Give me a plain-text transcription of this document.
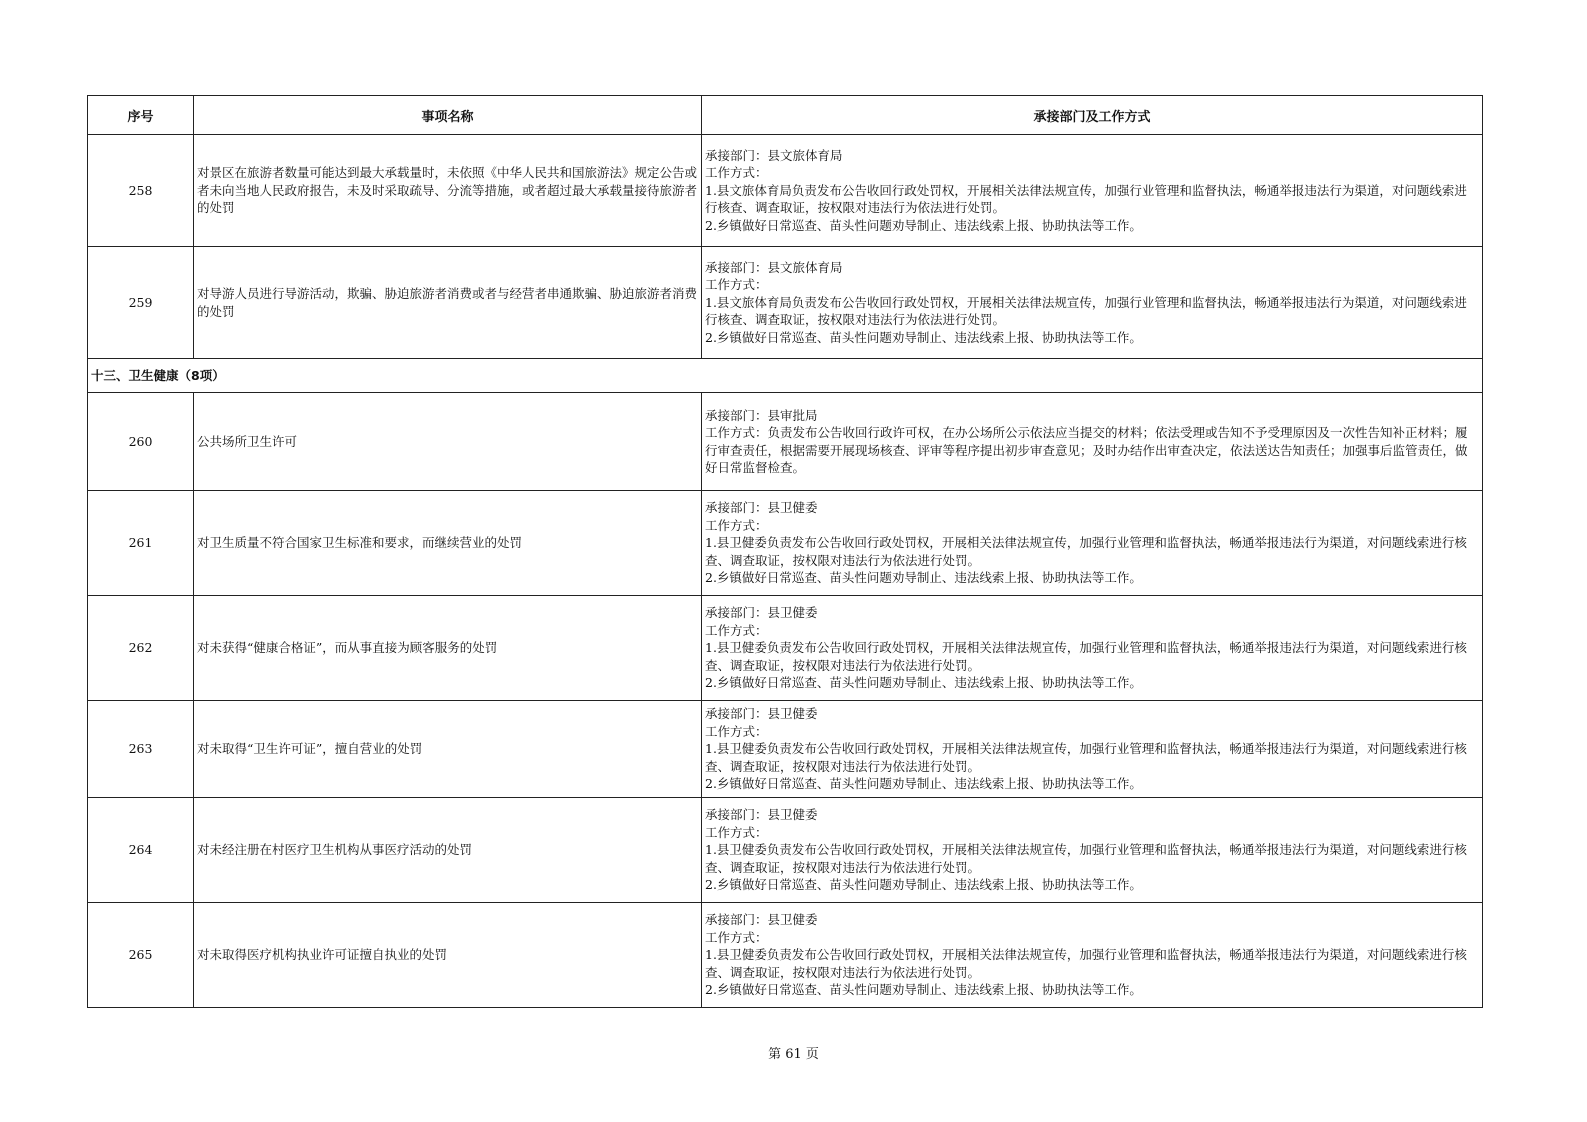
序号	事项名称	承接部门及工作方式
258	对景区在旅游者数量可能达到最大承载量时，未依照《中华人民共和国旅游法》规定公告或者未向当地人民政府报告，未及时采取疏导、分流等措施，或者超过最大承载量接待旅游者的处罚	承接部门：县文旅体育局
工作方式：
1.县文旅体育局负责发布公告收回行政处罚权，开展相关法律法规宣传，加强行业管理和监督执法，畅通举报违法行为渠道，对问题线索进行核查、调查取证，按权限对违法行为依法进行处罚。
2.乡镇做好日常巡查、苗头性问题劝导制止、违法线索上报、协助执法等工作。

259	对导游人员进行导游活动，欺骗、胁迫旅游者消费或者与经营者串通欺骗、胁迫旅游者消费的处罚	承接部门：县文旅体育局
工作方式：
1.县文旅体育局负责发布公告收回行政处罚权，开展相关法律法规宣传，加强行业管理和监督执法，畅通举报违法行为渠道，对问题线索进行核查、调查取证，按权限对违法行为依法进行处罚。
2.乡镇做好日常巡查、苗头性问题劝导制止、违法线索上报、协助执法等工作。

十三、卫生健康（8项）		
260	公共场所卫生许可	承接部门：县审批局
工作方式：负责发布公告收回行政许可权，在办公场所公示依法应当提交的材料；依法受理或告知不予受理原因及一次性告知补正材料；履行审查责任，根据需要开展现场核查、评审等程序提出初步审查意见；及时办结作出审查决定，依法送达告知责任；加强事后监管责任，做好日常监督检查。

261	对卫生质量不符合国家卫生标准和要求，而继续营业的处罚	承接部门：县卫健委
工作方式：
1.县卫健委负责发布公告收回行政处罚权，开展相关法律法规宣传，加强行业管理和监督执法，畅通举报违法行为渠道，对问题线索进行核查、调查取证，按权限对违法行为依法进行处罚。
2.乡镇做好日常巡查、苗头性问题劝导制止、违法线索上报、协助执法等工作。

262	对未获得“健康合格证”，而从事直接为顾客服务的处罚	承接部门：县卫健委
工作方式：
1.县卫健委负责发布公告收回行政处罚权，开展相关法律法规宣传，加强行业管理和监督执法，畅通举报违法行为渠道，对问题线索进行核查、调查取证，按权限对违法行为依法进行处罚。
2.乡镇做好日常巡查、苗头性问题劝导制止、违法线索上报、协助执法等工作。

263	对未取得“卫生许可证”，擅自营业的处罚	承接部门：县卫健委
工作方式：
1.县卫健委负责发布公告收回行政处罚权，开展相关法律法规宣传，加强行业管理和监督执法，畅通举报违法行为渠道，对问题线索进行核查、调查取证，按权限对违法行为依法进行处罚。
2.乡镇做好日常巡查、苗头性问题劝导制止、违法线索上报、协助执法等工作。

264	对未经注册在村医疗卫生机构从事医疗活动的处罚	承接部门：县卫健委
工作方式：
1.县卫健委负责发布公告收回行政处罚权，开展相关法律法规宣传，加强行业管理和监督执法，畅通举报违法行为渠道，对问题线索进行核查、调查取证，按权限对违法行为依法进行处罚。
2.乡镇做好日常巡查、苗头性问题劝导制止、违法线索上报、协助执法等工作。

265	对未取得医疗机构执业许可证擅自执业的处罚	承接部门：县卫健委
工作方式：
1.县卫健委负责发布公告收回行政处罚权，开展相关法律法规宣传，加强行业管理和监督执法，畅通举报违法行为渠道，对问题线索进行核查、调查取证，按权限对违法行为依法进行处罚。
2.乡镇做好日常巡查、苗头性问题劝导制止、违法线索上报、协助执法等工作。
第 61 页
